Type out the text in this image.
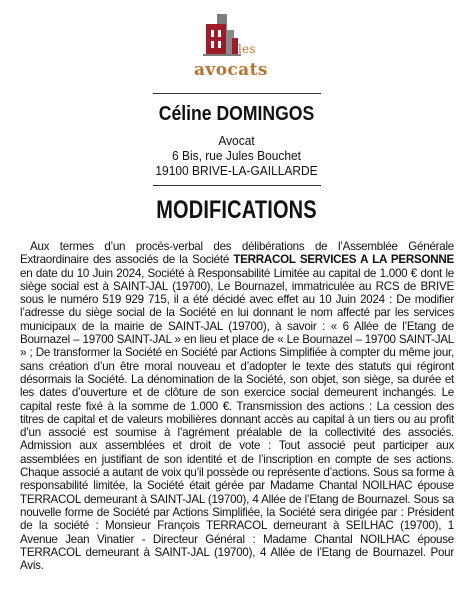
les
avocats
Céline DOMINGOS
Avocat
6 Bis, rue Jules Bouchet
19100 BRIVE-LA-GAILLARDE
MODIFICATIONS
Aux termes d’un procès-verbal des délibérations de l’Assemblée Générale Extraordinaire des associés de la Société TERRACOL SERVICES A LA PERSONNE en date du 10 Juin 2024, Société à Responsabilité Limitée au capital de 1.000 € dont le siège social est à SAINT-JAL (19700), Le Bournazel, immatriculée au RCS de BRIVE sous le numéro 519 929 715, il a été décidé avec effet au 10 Juin 2024 : De modifier l’adresse du siège social de la Société en lui donnant le nom affecté par les services municipaux de la mairie de SAINT-JAL (19700), à savoir : « 6 Allée de l’Etang de Bournazel – 19700 SAINT-JAL » en lieu et place de « Le Bournazel – 19700 SAINT-JAL » ; De transformer la Société en Société par Actions Simplifiée à compter du même jour, sans création d’un être moral nouveau et d’adopter le texte des statuts qui régiront désormais la Société. La dénomination de la Société, son objet, son siège, sa durée et les dates d’ouverture et de clôture de son exercice social demeurent inchangés. Le capital reste fixé à la somme de 1.000 €. Transmission des actions : La cession des titres de capital et de valeurs mobilières donnant accès au capital à un tiers ou au profit d’un associé est soumise à l’agrément préalable de la collectivité des associés. Admission aux assemblées et droit de vote : Tout associé peut participer aux assemblées en justifiant de son identité et de l’inscription en compte de ses actions. Chaque associé a autant de voix qu’il possède ou représente d’actions. Sous sa forme à responsabilité limitée, la Société était gérée par Madame Chantal NOILHAC épouse TERRACOL demeurant à SAINT-JAL (19700), 4 Allée de l’Etang de Bournazel. Sous sa nouvelle forme de Société par Actions Simplifiée, la Société sera dirigée par : Président de la société : Monsieur François TERRACOL demeurant à SEILHAC (19700), 1 Avenue Jean Vinatier - Directeur Général : Madame Chantal NOILHAC épouse TERRACOL demeurant à SAINT-JAL (19700), 4 Allée de l’Etang de Bournazel. Pour Avis.
